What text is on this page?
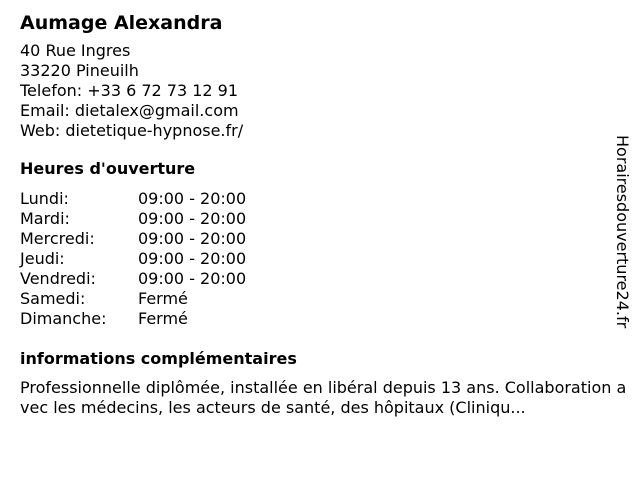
Aumage Alexandra
40 Rue Ingres
33220 Pineuilh
Telefon: +33 6 72 73 12 91
Email: dietalex@gmail.com
Web: dietetique-hypnose.fr/
Heures d'ouverture
Lundi:	09:00 - 20:00
Mardi:	09:00 - 20:00
Mercredi:	09:00 - 20:00
Jeudi:	09:00 - 20:00
Vendredi:	09:00 - 20:00
Samedi:	Fermé
Dimanche:	Fermé
informations complémentaires
Professionnelle diplômée, installée en libéral depuis 13 ans. Collaboration avec les médecins, les acteurs de santé, des hôpitaux (Cliniqu...
Horairesdouverture24.fr
